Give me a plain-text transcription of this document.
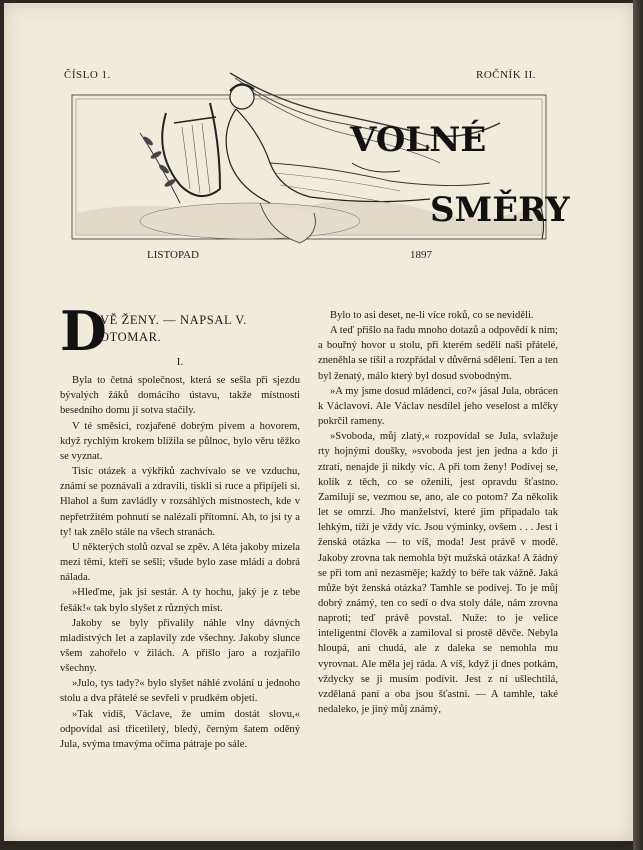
ČÍSLO 1.	ROČNÍK II.
VOLNÉ
SMĚRY
LISTOPAD	1897
D
VĚ ŽENY. — NAPSAL V. OTOMAR.
I.

Byla to četná společnost, která se sešla při sjezdu bývalých žáků domácího ústavu, takže místnosti besedního domu jí sotva stačily.

V té směsici, rozjařené dobrým pivem a hovorem, když rychlým krokem blížila se půlnoc, bylo věru těžko se vyznat.

Tisíc otázek a výkřiků zachvívalo se ve vzduchu, známí se poznávali a zdravili, tiskli si ruce a připíjeli si. Hlahol a šum zavládly v rozsáhlých místnostech, kde v nepřetržitém pohnutí se nalézali přítomní. Ah, to jsi ty a ty! tak znělo stále na všech stranách.

U některých stolů ozval se zpěv. A léta jakoby mizela mezi těmi, kteří se sešli; všude bylo zase mládí a dobrá nálada.

»Hleďme, jak jsi sestár. A ty hochu, jaký je z tebe fešák!« tak bylo slyšet z různých míst.

Jakoby se byly přivalily náhle vlny dávných mladistvých let a zaplavily zde všechny. Jakoby slunce všem zahořelo v žilách. A přišlo jaro a rozjařilo všechny.

»Julo, tys tady?« bylo slyšet náhlé zvolání u jednoho stolu a dva přátelé se sevřeli v prudkém objetí.

»Tak vidíš, Václave, že umím dostát slovu,« odpovídal asi třicetiletý, bledý, černým šatem oděný Jula, svýma tmavýma očima pátraje po sále.

Bylo to asi deset, ne-li více roků, co se neviděli.

A teď přišlo na řadu mnoho dotazů a odpovědí k nim; a bouřný hovor u stolu, při kterém seděli naši přátelé, zneněhla se tišil a rozpřádal v důvěrná sdělení. Ten a ten byl ženatý, málo který byl dosud svobodným.

»A my jsme dosud mládenci, co?« jásal Jula, obrácen k Václavovi. Ale Václav nesdílel jeho veselost a mlčky pokrčil rameny.

»Svoboda, můj zlatý,« rozpovídal se Jula, svlažuje rty hojnými doušky, »svoboda jest jen jedna a kdo ji ztratí, nenajde ji nikdy víc. A při tom ženy! Podívej se, kolik z těch, co se oženili, jest opravdu šťastno. Zamilují se, vezmou se, ano, ale co potom? Za několik let se omrzí. Jho manželství, které jim připadalo tak lehkým, tíží je vždy víc. Jsou výminky, ovšem . . . Jest i ženská otázka — to víš, moda! Jest právě v modě. Jakoby zrovna tak nemohla být mužská otázka! A žádný se při tom ani nezasměje; každý to béře tak vážně. Jaká může být ženská otázka? Tamhle se podívej. To je můj dobrý známý, ten co sedí o dva stoly dále, nám zrovna naproti; teď právě povstal. Nuže: to je velice inteligentní člověk a zamiloval si prostě děvče. Nebyla hloupá, ani chudá, ale z daleka se nemohla mu vyrovnat. Ale měla jej ráda. A víš, když ji dnes potkám, vždycky se ji musím podívit. Jest z ní ušlechtilá, vzdělaná paní a oba jsou šťastni. — A tamhle, také nedaleko, je jiný můj známý,
